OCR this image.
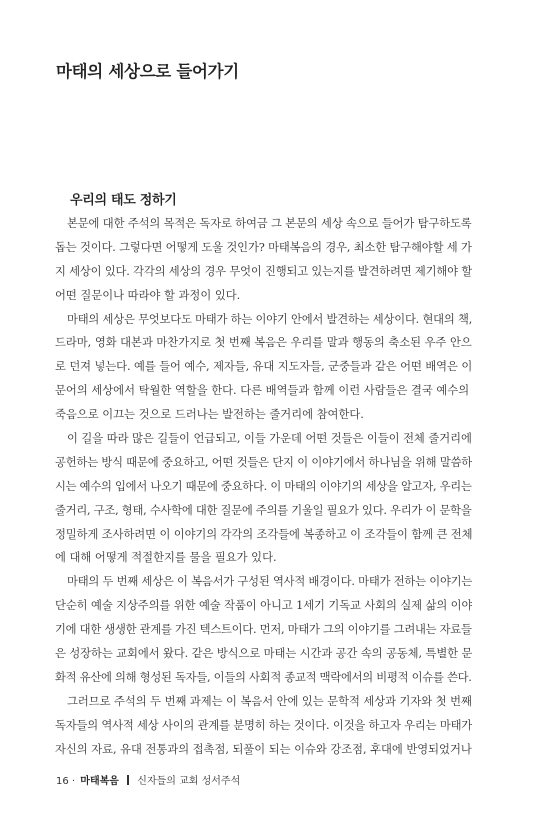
마태의 세상으로 들어가기
우리의 태도 정하기
본문에 대한 주석의 목적은 독자로 하여금 그 본문의 세상 속으로 들어가 탐구하도록
돕는 것이다. 그렇다면 어떻게 도울 것인가? 마태복음의 경우, 최소한 탐구해야할 세 가
지 세상이 있다. 각각의 세상의 경우 무엇이 진행되고 있는지를 발견하려면 제기해야 할
어떤 질문이나 따라야 할 과정이 있다.
마태의 세상은 무엇보다도 마태가 하는 이야기 안에서 발견하는 세상이다. 현대의 책,
드라마, 영화 대본과 마찬가지로 첫 번째 복음은 우리를 말과 행동의 축소된 우주 안으
로 던져 넣는다. 예를 들어 예수, 제자들, 유대 지도자들, 군중들과 같은 어떤 배역은 이
문어의 세상에서 탁월한 역할을 한다. 다른 배역들과 함께 이런 사람들은 결국 예수의
죽음으로 이끄는 것으로 드러나는 발전하는 줄거리에 참여한다.
이 길을 따라 많은 길들이 언급되고, 이들 가운데 어떤 것들은 이들이 전체 줄거리에
공헌하는 방식 때문에 중요하고, 어떤 것들은 단지 이 이야기에서 하나님을 위해 말씀하
시는 예수의 입에서 나오기 때문에 중요하다. 이 마태의 이야기의 세상을 알고자, 우리는
줄거리, 구조, 형태, 수사학에 대한 질문에 주의를 기울일 필요가 있다. 우리가 이 문학을
정밀하게 조사하려면 이 이야기의 각각의 조각들에 복종하고 이 조각들이 함께 큰 전체
에 대해 어떻게 적절한지를 물을 필요가 있다.
마태의 두 번째 세상은 이 복음서가 구성된 역사적 배경이다. 마태가 전하는 이야기는
단순히 예술 지상주의를 위한 예술 작품이 아니고 1세기 기독교 사회의 실제 삶의 이야
기에 대한 생생한 관계를 가진 텍스트이다. 먼저, 마태가 그의 이야기를 그려내는 자료들
은 성장하는 교회에서 왔다. 같은 방식으로 마태는 시간과 공간 속의 공동체, 특별한 문
화적 유산에 의해 형성된 독자들, 이들의 사회적 종교적 맥락에서의 비평적 이슈를 쓴다.
그러므로 주석의 두 번째 과제는 이 복음서 안에 있는 문학적 세상과 기자와 첫 번째
독자들의 역사적 세상 사이의 관계를 분명히 하는 것이다. 이것을 하고자 우리는 마태가
자신의 자료, 유대 전통과의 접촉점, 되풀이 되는 이슈와 강조점, 후대에 반영되었거나
16 · 마태복음 신자들의 교회 성서주석
